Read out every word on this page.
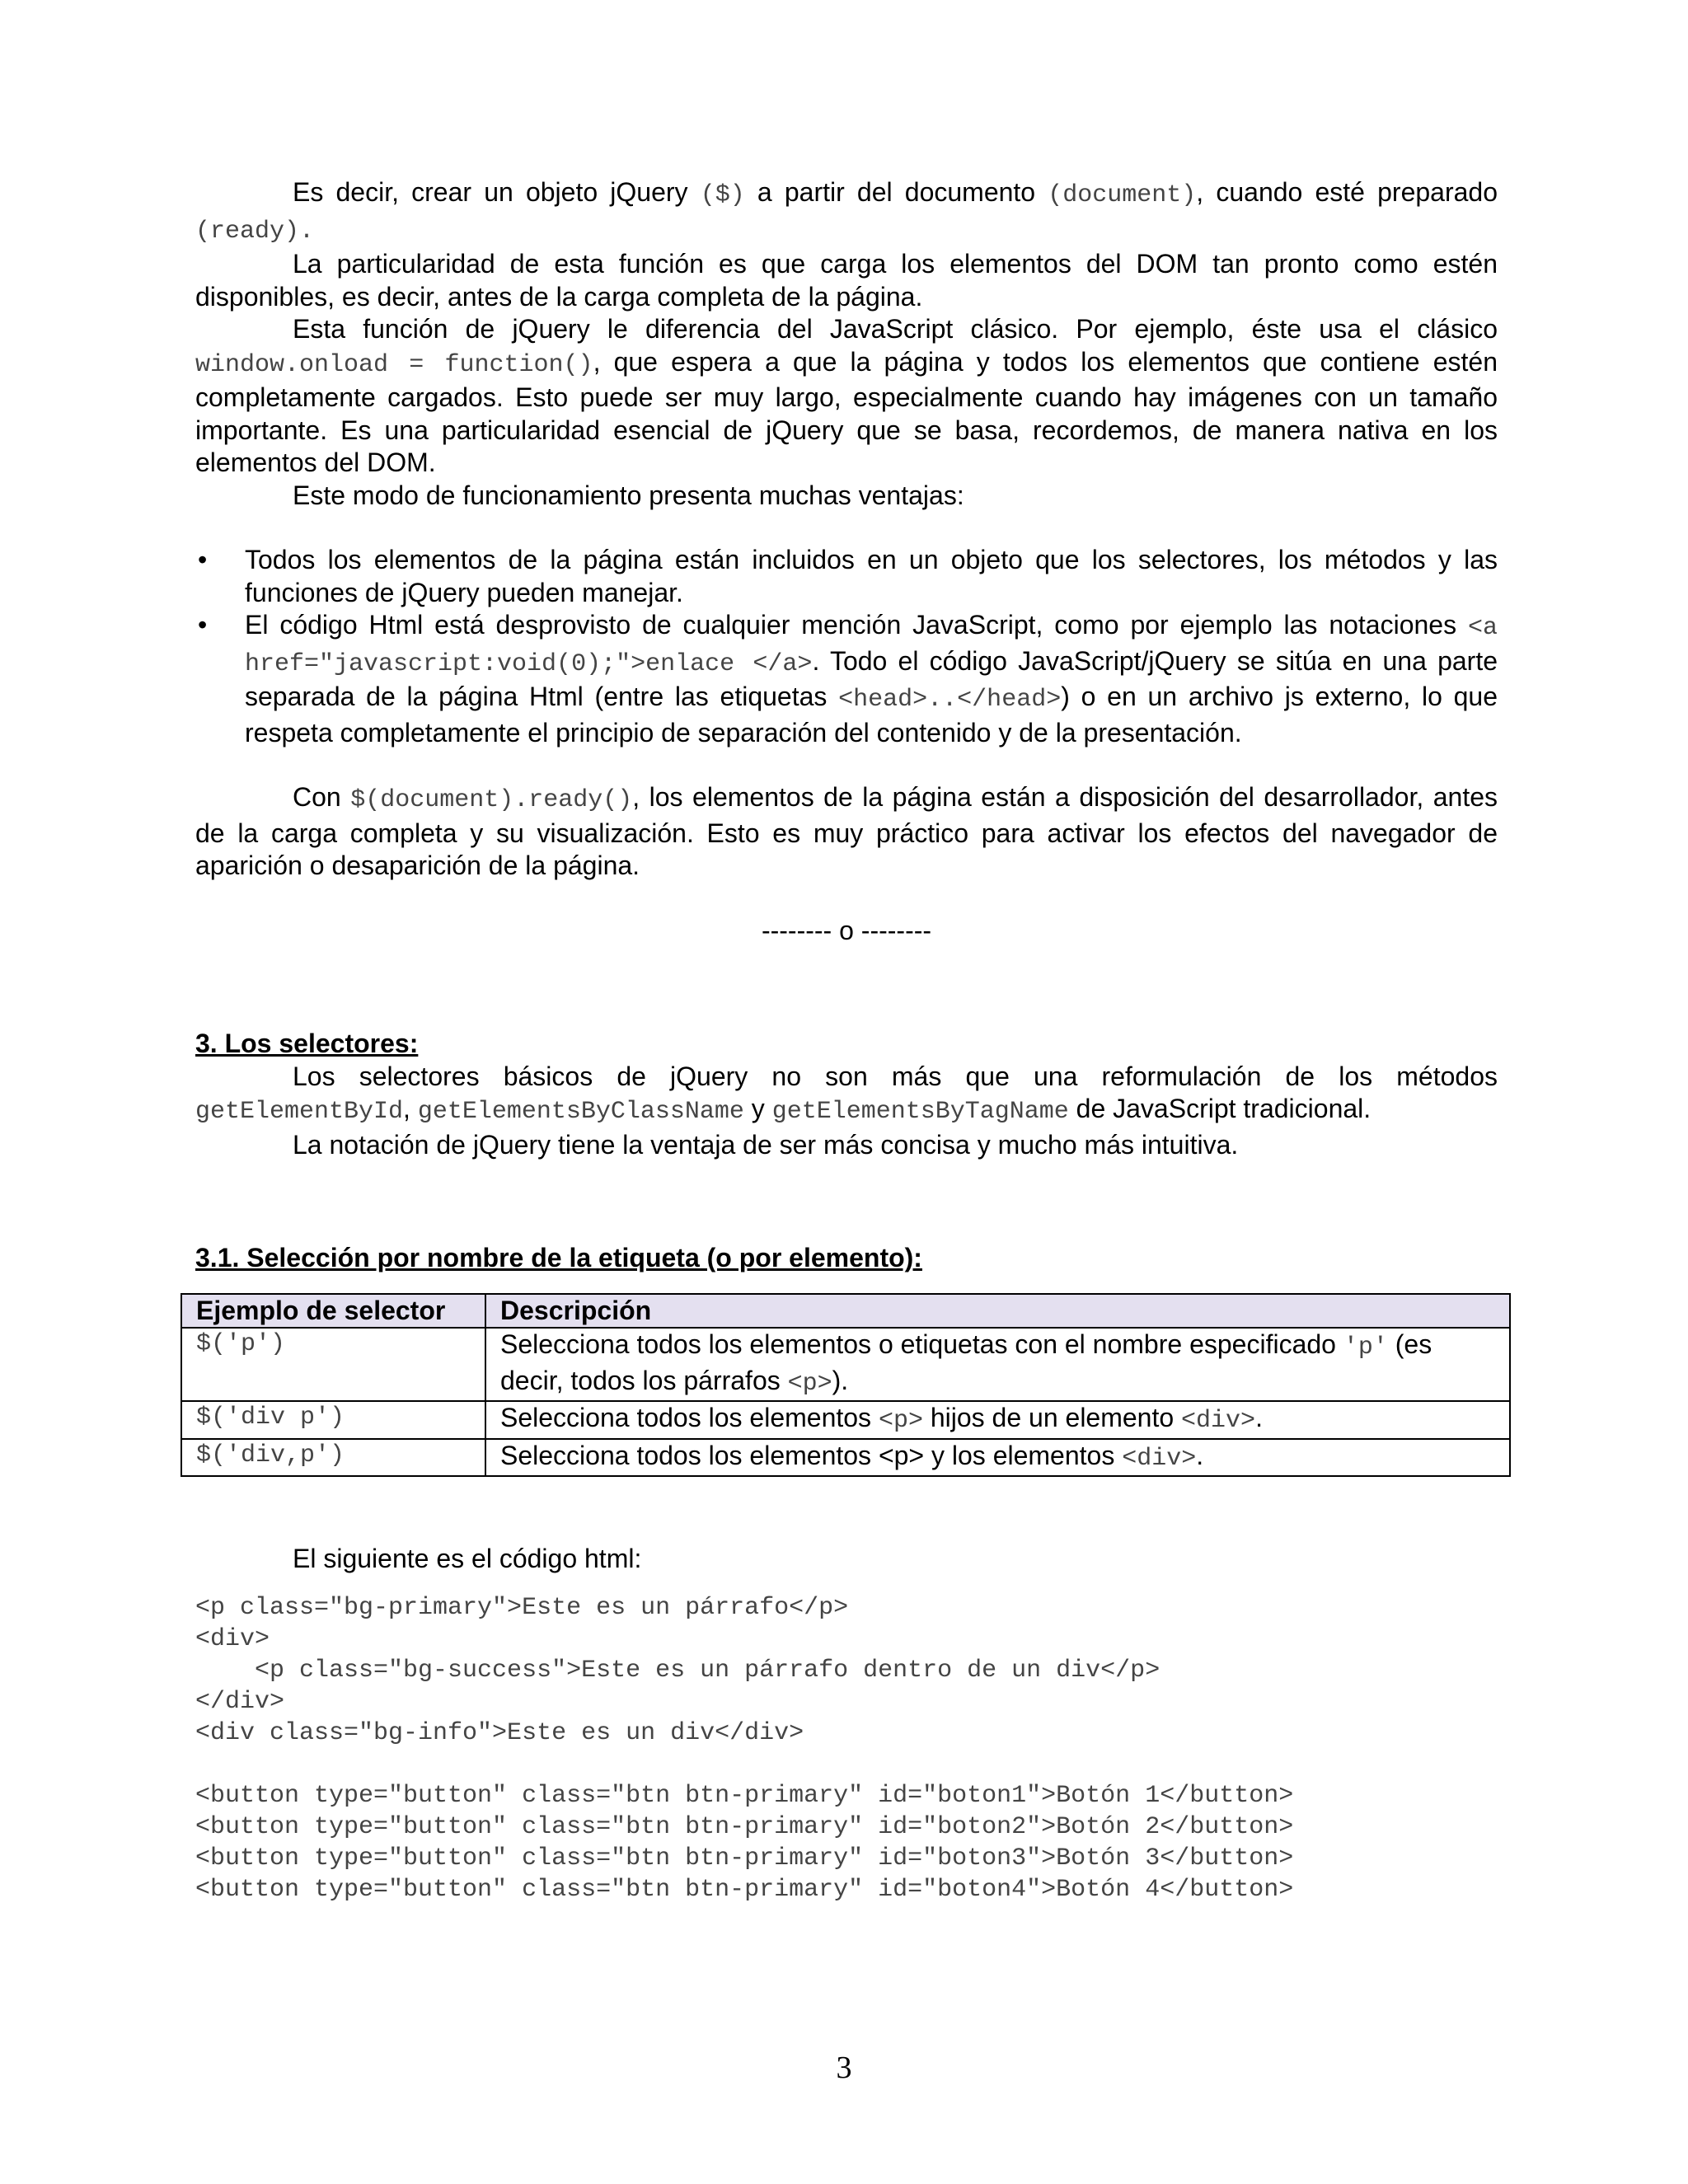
Es decir, crear un objeto jQuery ($) a partir del documento (document), cuando esté preparado (ready).

La particularidad de esta función es que carga los elementos del DOM tan pronto como estén disponibles, es decir, antes de la carga completa de la página.

Esta función de jQuery le diferencia del JavaScript clásico. Por ejemplo, éste usa el clásico window.onload = function(), que espera a que la página y todos los elementos que contiene estén completamente cargados. Esto puede ser muy largo, especialmente cuando hay imágenes con un tamaño importante. Es una particularidad esencial de jQuery que se basa, recordemos, de manera nativa en los elementos del DOM.

Este modo de funcionamiento presenta muchas ventajas:

• Todos los elementos de la página están incluidos en un objeto que los selectores, los métodos y las funciones de jQuery pueden manejar.
• El código Html está desprovisto de cualquier mención JavaScript, como por ejemplo las notaciones <a href="javascript:void(0);">enlace </a>. Todo el código JavaScript/jQuery se sitúa en una parte separada de la página Html (entre las etiquetas <head>..</head>) o en un archivo js externo, lo que respeta completamente el principio de separación del contenido y de la presentación.

Con $(document).ready(), los elementos de la página están a disposición del desarrollador, antes de la carga completa y su visualización. Esto es muy práctico para activar los efectos del navegador de aparición o desaparición de la página.

-------- o --------

3. Los selectores:

Los selectores básicos de jQuery no son más que una reformulación de los métodos getElementById, getElementsByClassName y getElementsByTagName de JavaScript tradicional.

La notación de jQuery tiene la ventaja de ser más concisa y mucho más intuitiva.

3.1. Selección por nombre de la etiqueta (o por elemento):

Ejemplo de selector	Descripción
$('p')	Selecciona todos los elementos o etiquetas con el nombre especificado 'p' (es decir, todos los párrafos <p>).
$('div p')	Selecciona todos los elementos <p> hijos de un elemento <div>.
$('div,p')	Selecciona todos los elementos <p> y los elementos <div>.

El siguiente es el código html:

<p class="bg-primary">Este es un párrafo</p>
<div>
<p class="bg-success">Este es un párrafo dentro de un div</p>
</div>
<div class="bg-info">Este es un div</div>

<button type="button" class="btn btn-primary" id="boton1">Botón 1</button>
<button type="button" class="btn btn-primary" id="boton2">Botón 2</button>
<button type="button" class="btn btn-primary" id="boton3">Botón 3</button>
<button type="button" class="btn btn-primary" id="boton4">Botón 4</button>
3
